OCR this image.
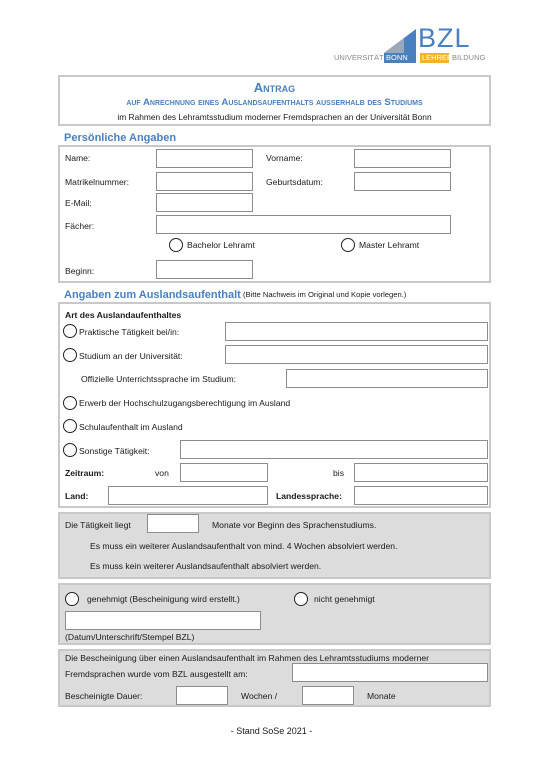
BZL
UNIVERSITÄT BONN LEHRER BILDUNG
Antrag
auf Anrechnung eines Auslandsaufenthalts außerhalb des Studiums
im Rahmen des Lehramtsstudium moderner Fremdsprachen an der Universität Bonn
Persönliche Angaben
Name:	Vorname:
Matrikelnummer:	Geburtsdatum:
E-Mail:
Fächer:
Bachelor Lehramt	Master Lehramt
Beginn:
Angaben zum Auslandsaufenthalt (Bitte Nachweis im Original und Kopie vorlegen.)
Art des Auslandaufenthaltes
Praktische Tätigkeit bei/in:
Studium an der Universität:
Offizielle Unterrichtssprache im Studium:
Erwerb der Hochschulzugangsberechtigung im Ausland
Schulaufenthalt im Ausland
Sonstige Tätigkeit:
Zeitraum:	von	bis
Land:	Landessprache:
Die Tätigkeit liegt	Monate vor Beginn des Sprachenstudiums.
Es muss ein weiterer Auslandsaufenthalt von mind. 4 Wochen absolviert werden.
Es muss kein weiterer Auslandsaufenthalt absolviert werden.
genehmigt (Bescheinigung wird erstellt.)	nicht genehmigt
(Datum/Unterschrift/Stempel BZL)
Die Bescheinigung über einen Auslandsaufenthalt im Rahmen des Lehramtsstudiums moderner
Fremdsprachen wurde vom BZL ausgestellt am:
Bescheinigte Dauer:	Wochen /	Monate
- Stand SoSe 2021 -
